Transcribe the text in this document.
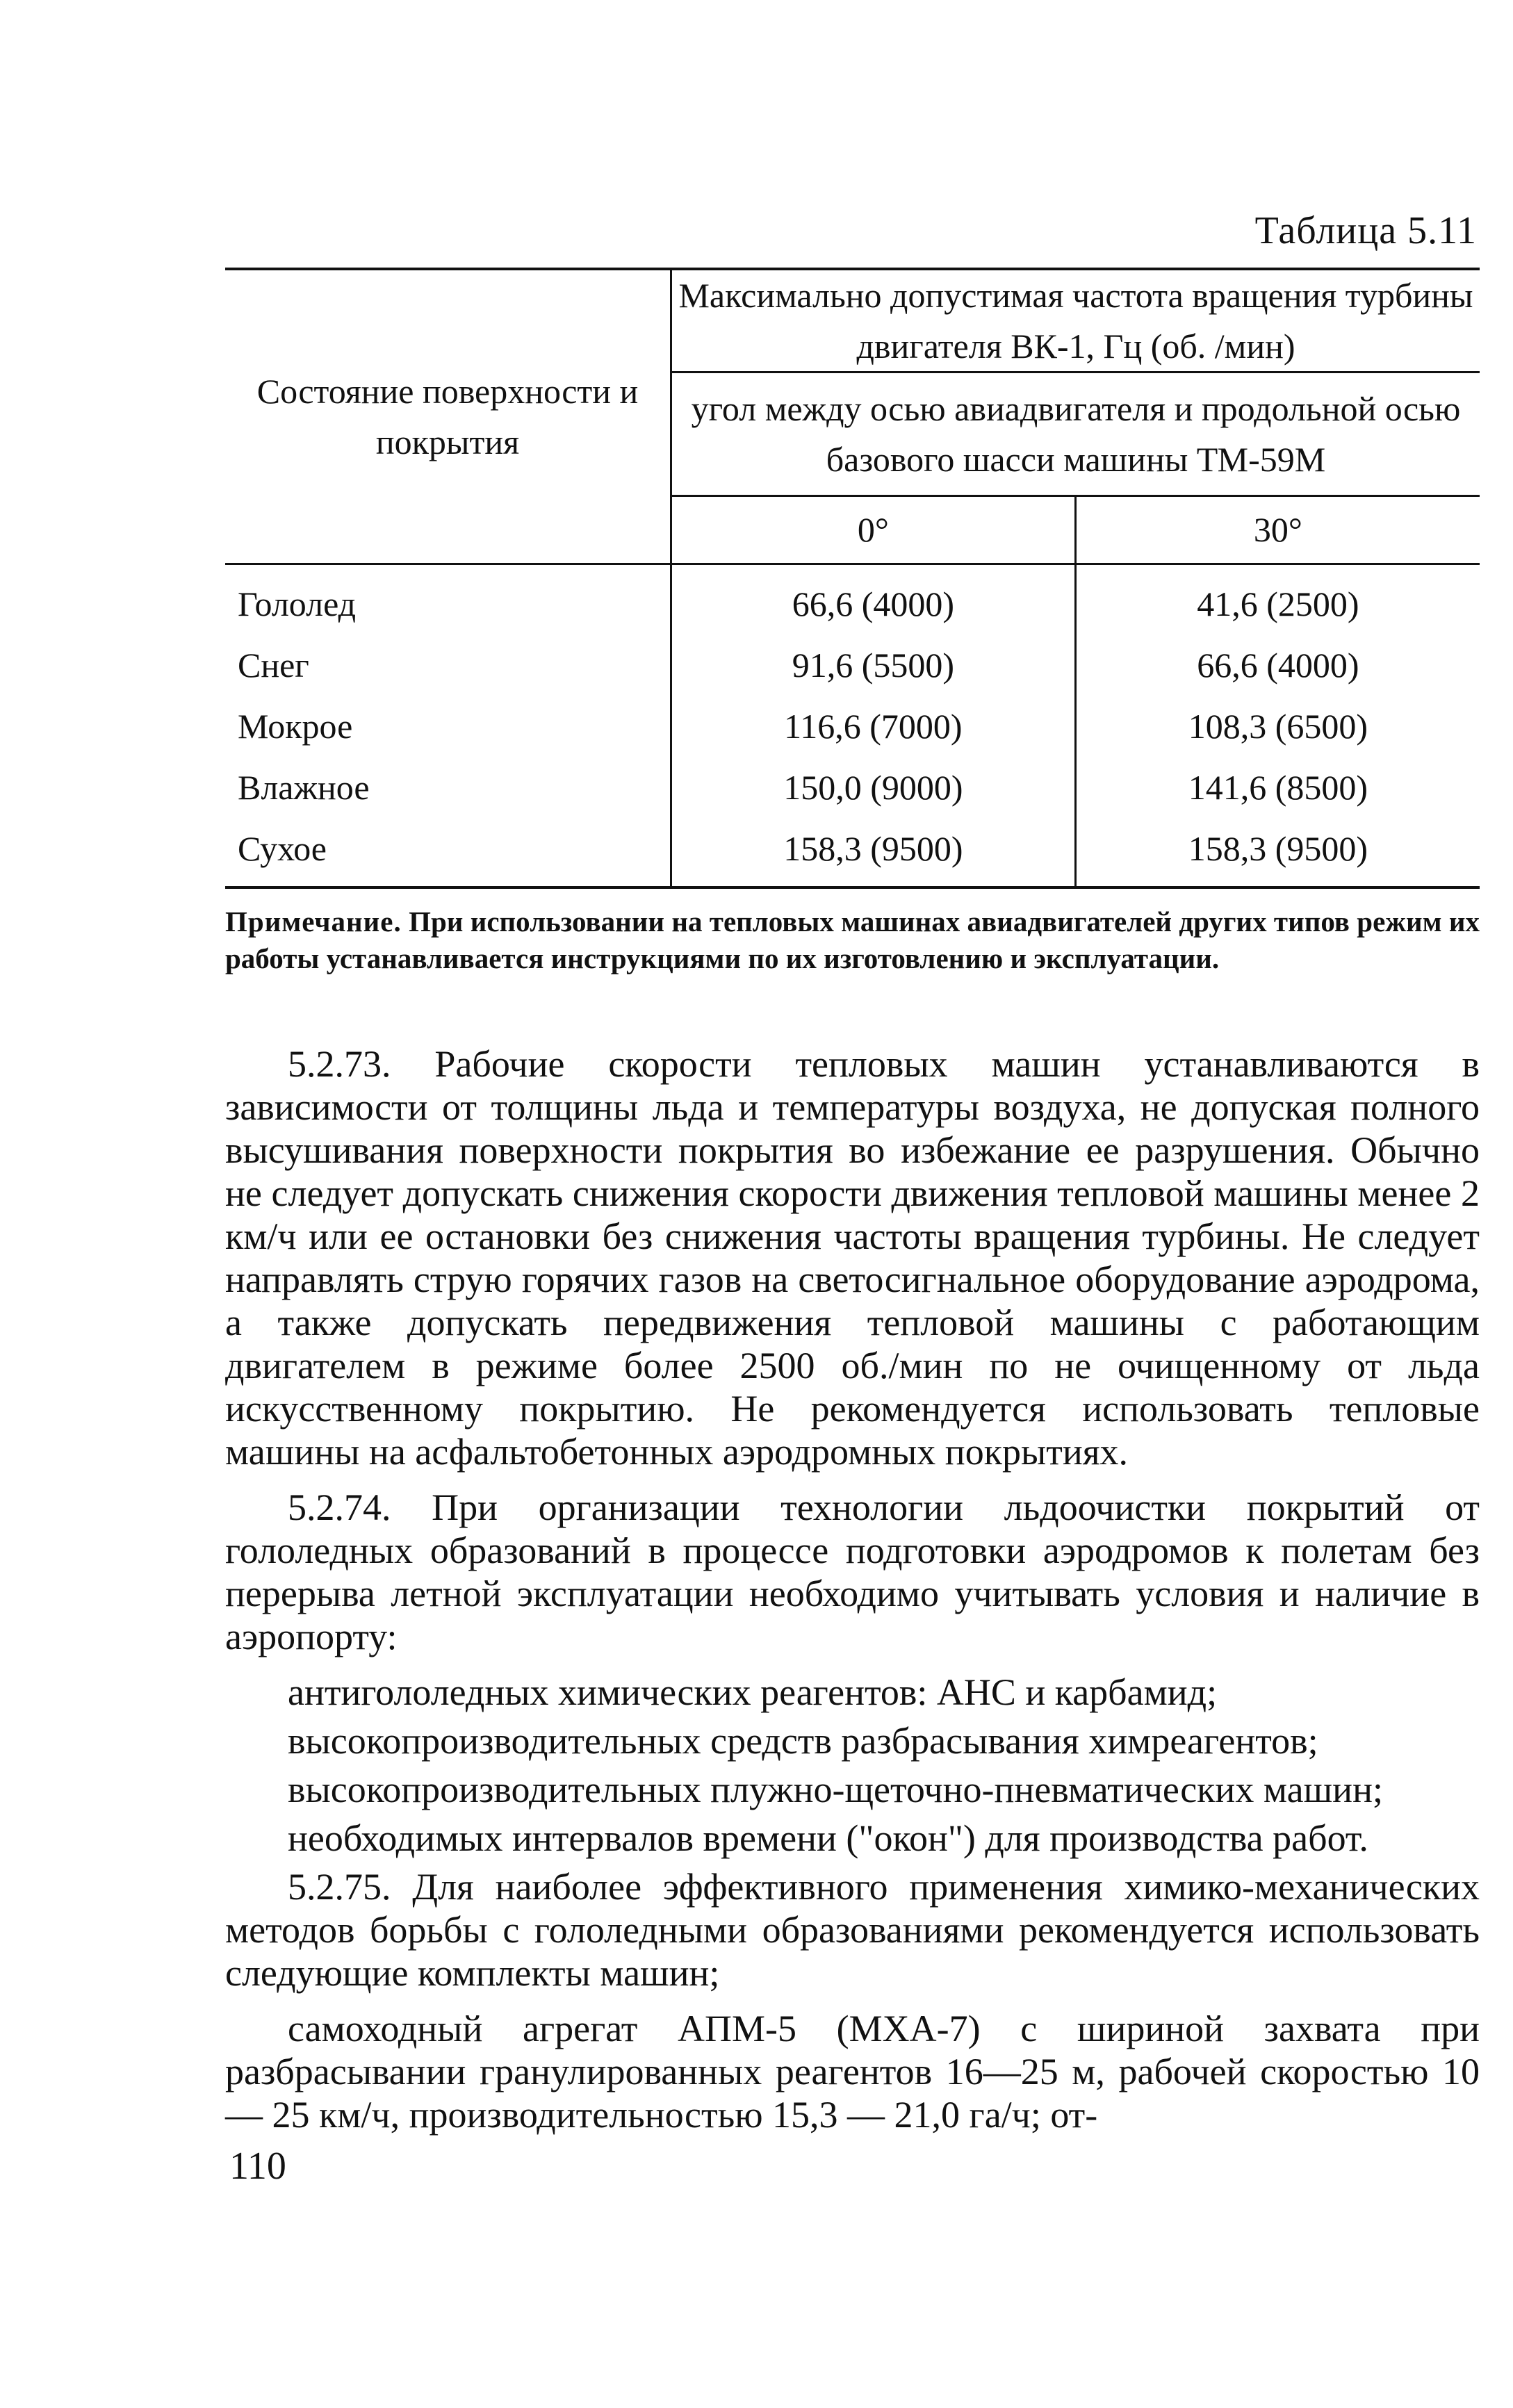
Таблица 5.11
Состояние поверхности и покрытия	Максимально допустимая частота вращения турбины двигателя ВК-1, Гц (об. /мин)	
	угол между осью авиадвигателя и продольной осью базового шасси машины ТМ-59М	
	0°	30°
Гололед	66,6 (4000)	41,6 (2500)
Снег	91,6 (5500)	66,6 (4000)
Мокрое	116,6 (7000)	108,3 (6500)
Влажное	150,0 (9000)	141,6 (8500)
Сухое	158,3 (9500)	158,3 (9500)
Примечание. При использовании на тепловых машинах авиадвигателей других типов режим их работы устанавливается инструкциями по их изготовлению и эксплуатации.

5.2.73. Рабочие скорости тепловых машин устанавливаются в зависимости от толщины льда и температуры воздуха, не допуская полного высушивания поверхности покрытия во избежание ее разрушения. Обычно не следует допускать снижения скорости движения тепловой машины менее 2 км/ч или ее остановки без снижения частоты вращения турбины. Не следует направлять струю горячих газов на светосигнальное оборудование аэродрома, а также допускать передвижения тепловой машины с работающим двигателем в режиме более 2500 об./мин по не очищенному от льда искусственному покрытию. Не рекомендуется использовать тепловые машины на асфальтобетонных аэродромных покрытиях.

5.2.74. При организации технологии льдоочистки покрытий от гололедных образований в процессе подготовки аэродромов к полетам без перерыва летной эксплуатации необходимо учитывать условия и наличие в аэропорту:

антигололедных химических реагентов: АНС и карбамид;

высокопроизводительных средств разбрасывания химреагентов;

высокопроизводительных плужно-щеточно-пневматических машин;

необходимых интервалов времени ("окон") для производства работ.

5.2.75. Для наиболее эффективного применения химико-механических методов борьбы с гололедными образованиями рекомендуется использовать следующие комплекты машин;

самоходный агрегат АПМ-5 (МХА-7) с шириной захвата при разбрасывании гранулированных реагентов 16—25 м, рабочей скоростью 10 — 25 км/ч, производительностью 15,3 — 21,0 га/ч; от-

110
